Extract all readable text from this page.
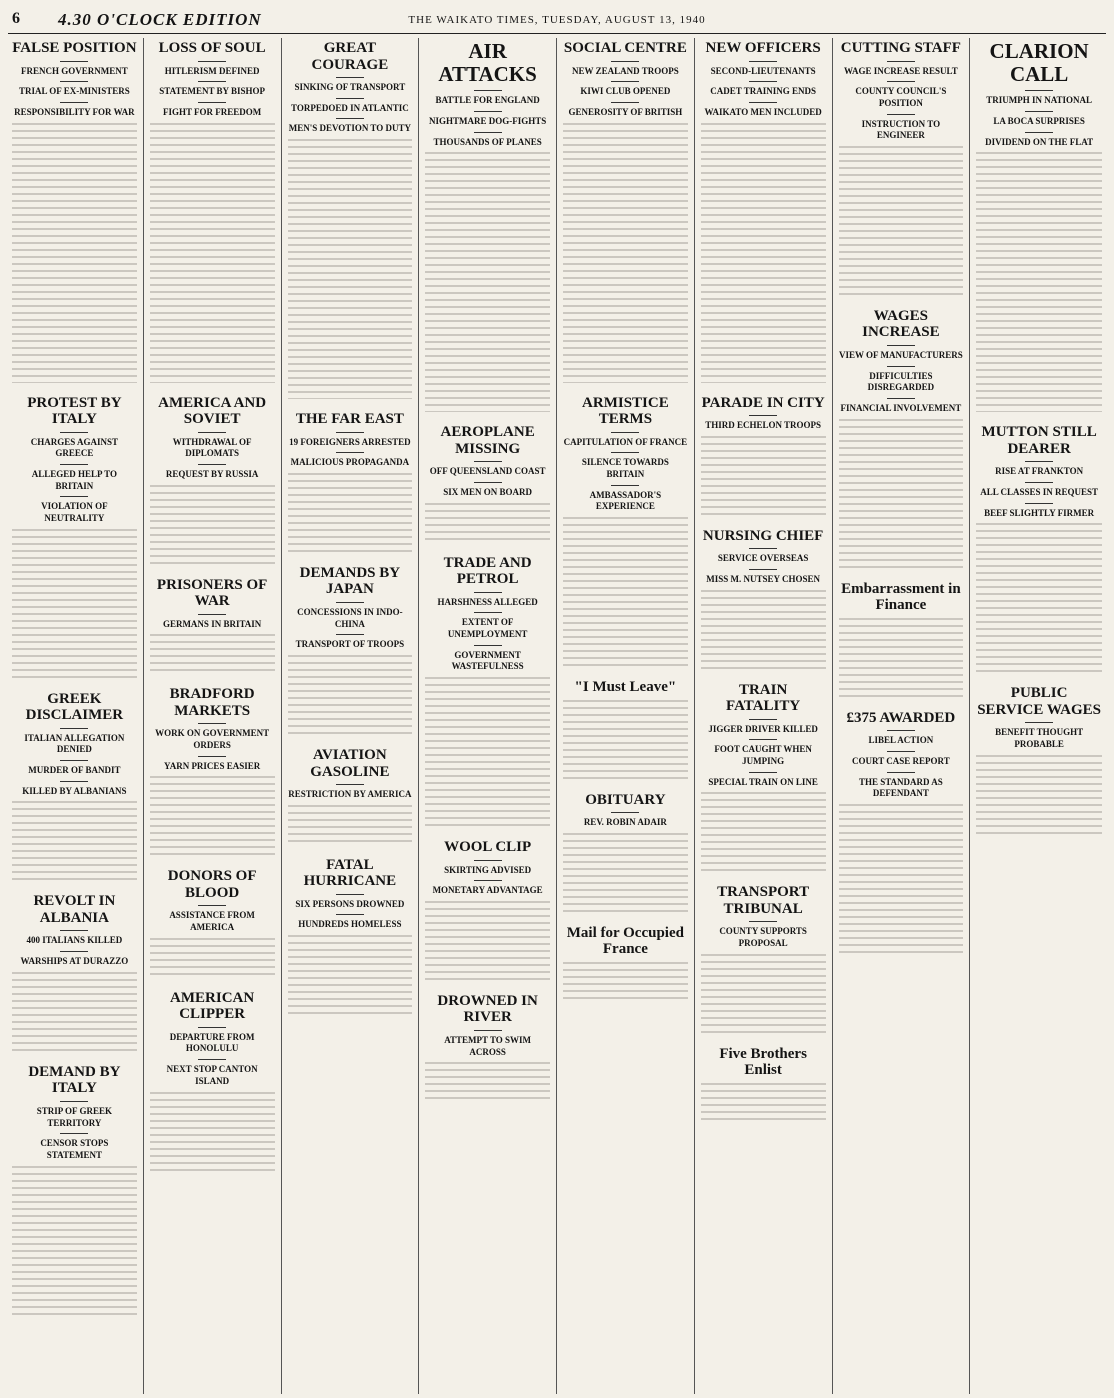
6 4.30 O'CLOCK EDITION	THE WAIKATO TIMES, TUESDAY, AUGUST 13, 1940
FALSE POSITION
FRENCH GOVERNMENT
TRIAL OF EX-MINISTERS
RESPONSIBILITY FOR WAR
PROTEST BY ITALY
CHARGES AGAINST GREECE
ALLEGED HELP TO BRITAIN
VIOLATION OF NEUTRALITY
GREEK DISCLAIMER
ITALIAN ALLEGATION DENIED
MURDER OF BANDIT
KILLED BY ALBANIANS
REVOLT IN ALBANIA
400 ITALIANS KILLED
WARSHIPS AT DURAZZO
DEMAND BY ITALY
STRIP OF GREEK TERRITORY
CENSOR STOPS STATEMENT
LOSS OF SOUL
HITLERISM DEFINED
STATEMENT BY BISHOP
FIGHT FOR FREEDOM
AMERICA AND SOVIET
WITHDRAWAL OF DIPLOMATS
REQUEST BY RUSSIA
PRISONERS OF WAR
GERMANS IN BRITAIN
BRADFORD MARKETS
WORK ON GOVERNMENT ORDERS
YARN PRICES EASIER
DONORS OF BLOOD
ASSISTANCE FROM AMERICA
AMERICAN CLIPPER
DEPARTURE FROM HONOLULU
NEXT STOP CANTON ISLAND
GREAT COURAGE
SINKING OF TRANSPORT
TORPEDOED IN ATLANTIC
MEN'S DEVOTION TO DUTY
THE FAR EAST
19 FOREIGNERS ARRESTED
MALICIOUS PROPAGANDA
DEMANDS BY JAPAN
CONCESSIONS IN INDO-CHINA
TRANSPORT OF TROOPS
AVIATION GASOLINE
RESTRICTION BY AMERICA
FATAL HURRICANE
SIX PERSONS DROWNED
HUNDREDS HOMELESS
AIR ATTACKS
BATTLE FOR ENGLAND
NIGHTMARE DOG-FIGHTS
THOUSANDS OF PLANES
AEROPLANE MISSING
OFF QUEENSLAND COAST
SIX MEN ON BOARD
TRADE AND PETROL
HARSHNESS ALLEGED
EXTENT OF UNEMPLOYMENT
GOVERNMENT WASTEFULNESS
WOOL CLIP
SKIRTING ADVISED
MONETARY ADVANTAGE
DROWNED IN RIVER
ATTEMPT TO SWIM ACROSS
SOCIAL CENTRE
NEW ZEALAND TROOPS
KIWI CLUB OPENED
GENEROSITY OF BRITISH
ARMISTICE TERMS
CAPITULATION OF FRANCE
SILENCE TOWARDS BRITAIN
AMBASSADOR'S EXPERIENCE
"I Must Leave"
OBITUARY
REV. ROBIN ADAIR
Mail for Occupied France
NEW OFFICERS
SECOND-LIEUTENANTS
CADET TRAINING ENDS
WAIKATO MEN INCLUDED
PARADE IN CITY
THIRD ECHELON TROOPS
NURSING CHIEF
SERVICE OVERSEAS
MISS M. NUTSEY CHOSEN
TRAIN FATALITY
JIGGER DRIVER KILLED
FOOT CAUGHT WHEN JUMPING
SPECIAL TRAIN ON LINE
TRANSPORT TRIBUNAL
COUNTY SUPPORTS PROPOSAL
Five Brothers Enlist
CUTTING STAFF
WAGE INCREASE RESULT
COUNTY COUNCIL'S POSITION
INSTRUCTION TO ENGINEER
WAGES INCREASE
VIEW OF MANUFACTURERS
DIFFICULTIES DISREGARDED
FINANCIAL INVOLVEMENT
Embarrassment in Finance
£375 AWARDED
LIBEL ACTION
COURT CASE REPORT
THE STANDARD AS DEFENDANT
CLARION CALL
TRIUMPH IN NATIONAL
LA BOCA SURPRISES
DIVIDEND ON THE FLAT
MUTTON STILL DEARER
RISE AT FRANKTON
ALL CLASSES IN REQUEST
BEEF SLIGHTLY FIRMER
PUBLIC SERVICE WAGES
BENEFIT THOUGHT PROBABLE
